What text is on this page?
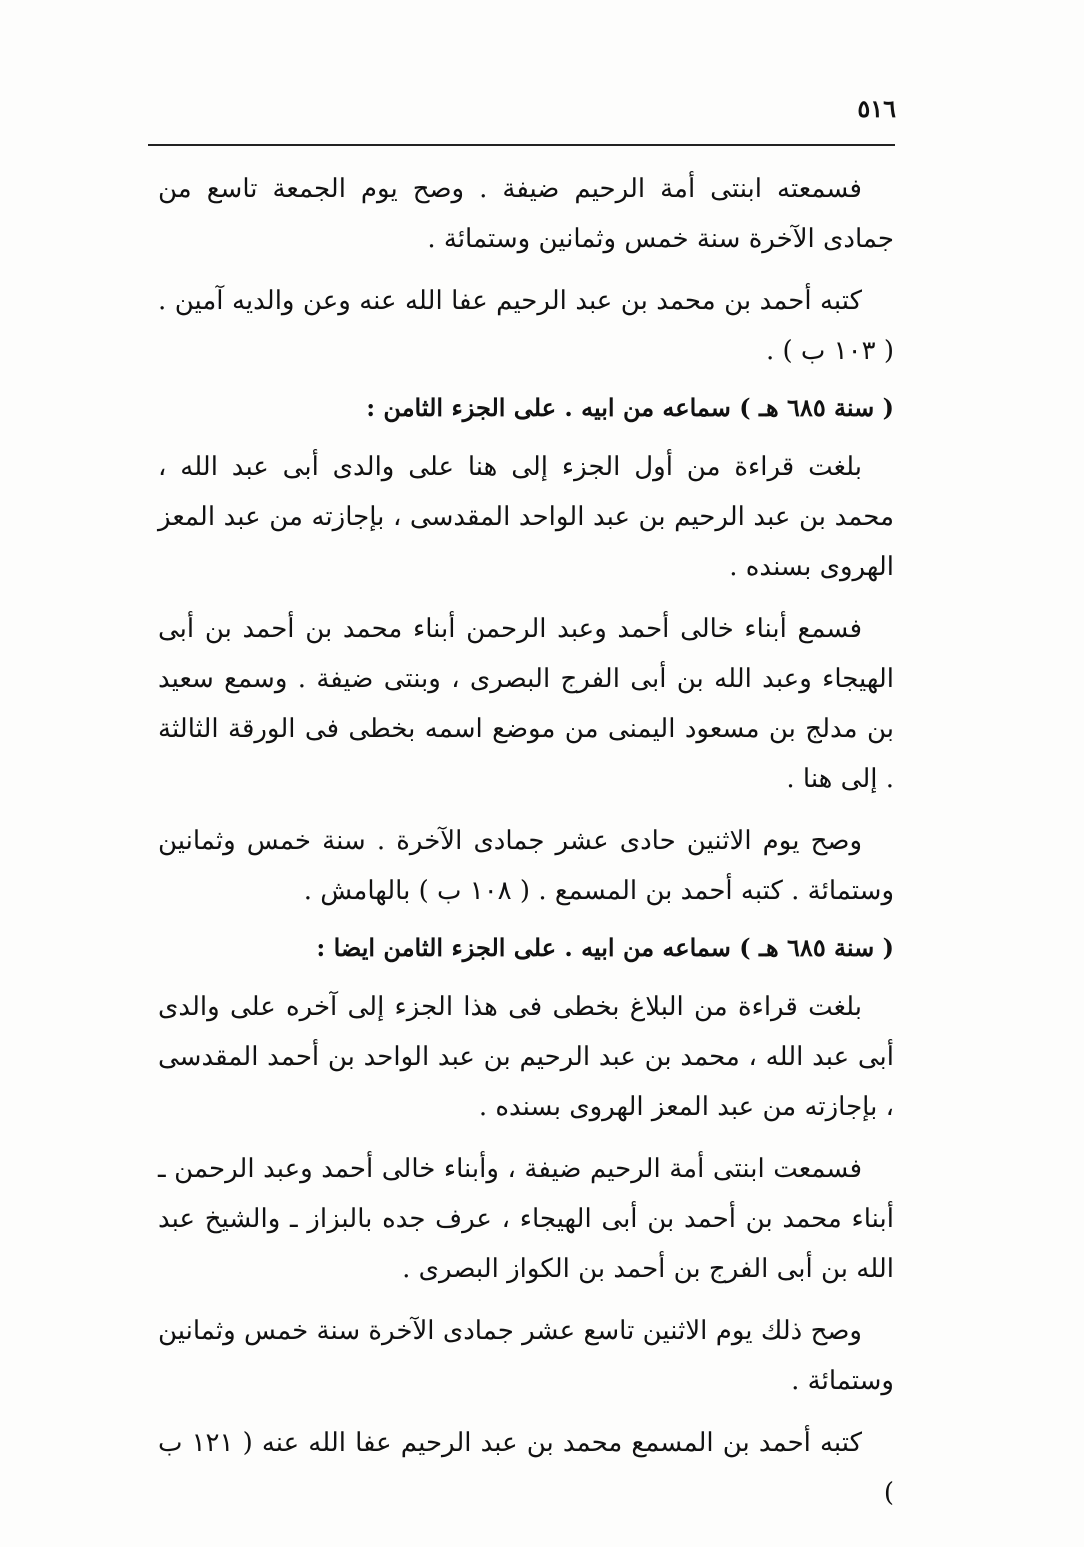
٥١٦

فسمعته ابنتى أمة الرحيم ضيفة . وصح يوم الجمعة تاسع من جمادى الآخرة سنة خمس وثمانين وستمائة .

كتبه أحمد بن محمد بن عبد الرحيم عفا الله عنه وعن والديه آمين . ( ١٠٣ ب ) .

( سنة ٦٨٥ هـ ) سماعه من ابيه . على الجزء الثامن :

بلغت قراءة من أول الجزء إلى هنا على والدى أبى عبد الله ، محمد بن عبد الرحيم بن عبد الواحد المقدسى ، بإجازته من عبد المعز الهروى بسنده .

فسمع أبناء خالى أحمد وعبد الرحمن أبناء محمد بن أحمد بن أبى الهيجاء وعبد الله بن أبى الفرج البصرى ، وبنتى ضيفة . وسمع سعيد بن مدلج بن مسعود اليمنى من موضع اسمه بخطى فى الورقة الثالثة . إلى هنا .

وصح يوم الاثنين حادى عشر جمادى الآخرة . سنة خمس وثمانين وستمائة . كتبه أحمد بن المسمع . ( ١٠٨ ب ) بالهامش .

( سنة ٦٨٥ هـ ) سماعه من ابيه . على الجزء الثامن ايضا :

بلغت قراءة من البلاغ بخطى فى هذا الجزء إلى آخره على والدى أبى عبد الله ، محمد بن عبد الرحيم بن عبد الواحد بن أحمد المقدسى ، بإجازته من عبد المعز الهروى بسنده .

فسمعت ابنتى أمة الرحيم ضيفة ، وأبناء خالى أحمد وعبد الرحمن ـ أبناء محمد بن أحمد بن أبى الهيجاء ، عرف جده بالبزاز ـ والشيخ عبد الله بن أبى الفرج بن أحمد بن الكواز البصرى .

وصح ذلك يوم الاثنين تاسع عشر جمادى الآخرة سنة خمس وثمانين وستمائة .

كتبه أحمد بن المسمع محمد بن عبد الرحيم عفا الله عنه ( ١٢١ ب )
